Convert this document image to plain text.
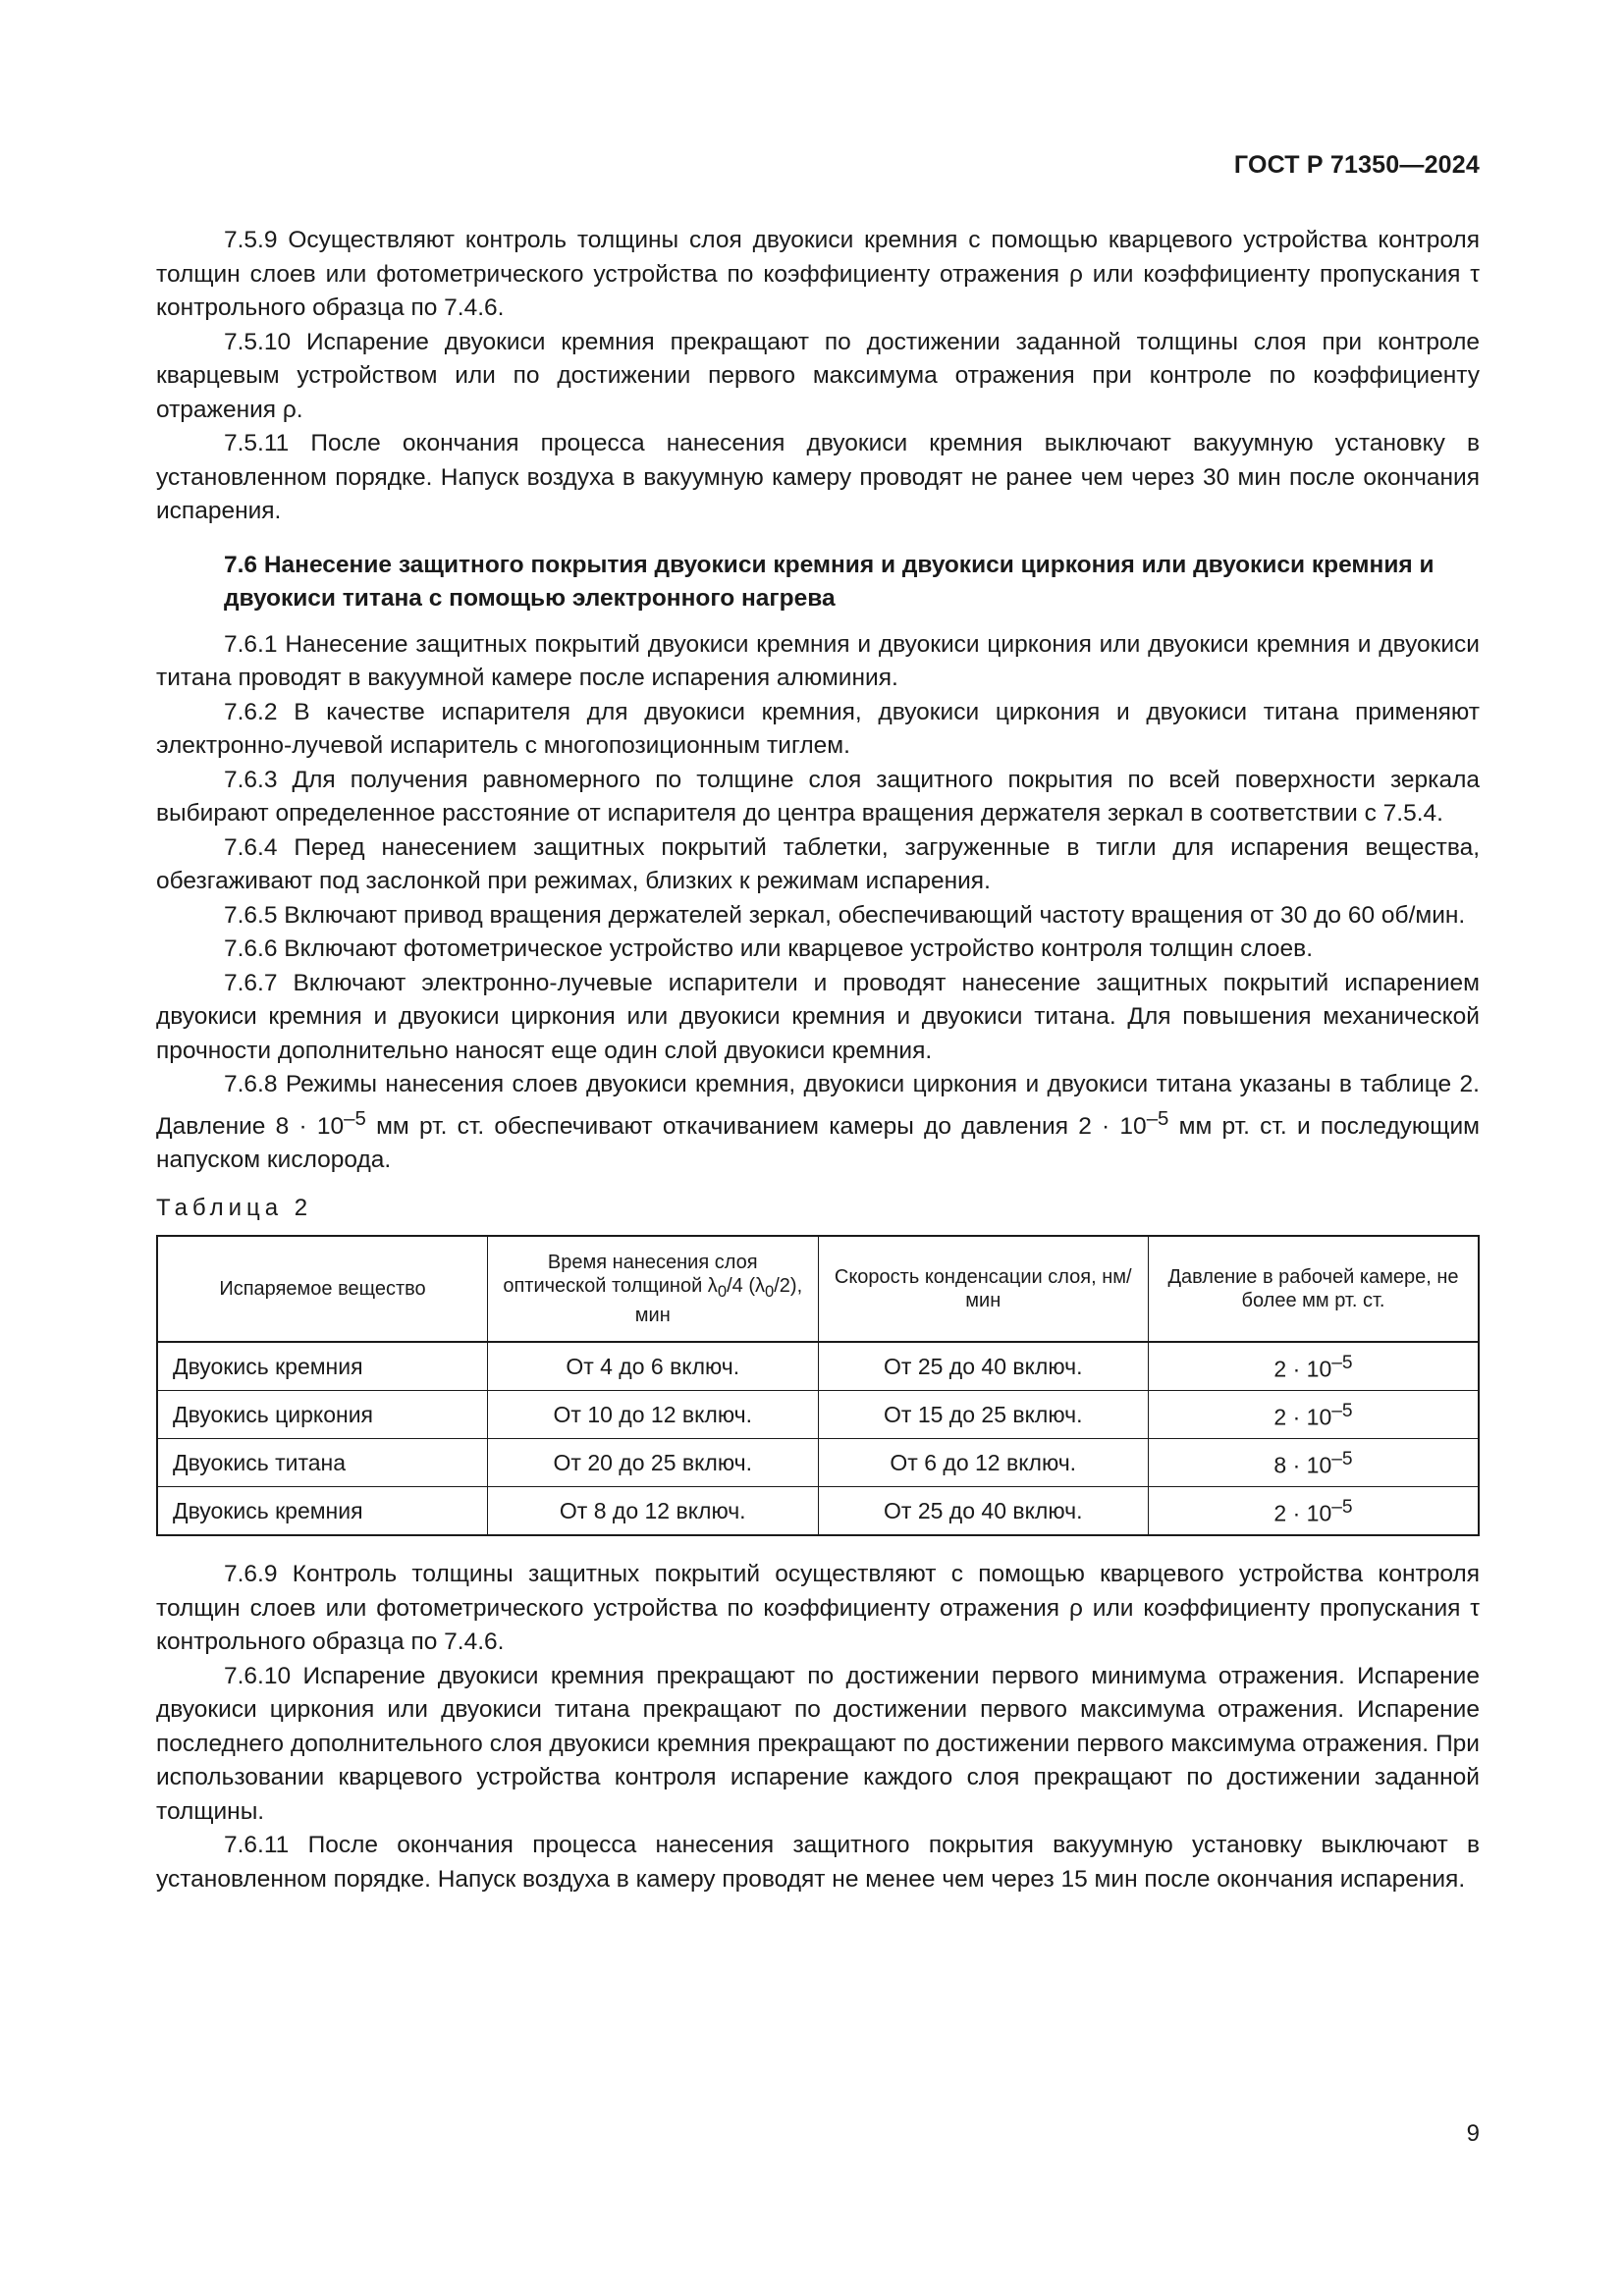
ГОСТ Р 71350—2024

7.5.9 Осуществляют контроль толщины слоя двуокиси кремния с помощью кварцевого устройства контроля толщин слоев или фотометрического устройства по коэффициенту отражения ρ или коэффициенту пропускания τ контрольного образца по 7.4.6.

7.5.10 Испарение двуокиси кремния прекращают по достижении заданной толщины слоя при контроле кварцевым устройством или по достижении первого максимума отражения при контроле по коэффициенту отражения ρ.

7.5.11 После окончания процесса нанесения двуокиси кремния выключают вакуумную установку в установленном порядке. Напуск воздуха в вакуумную камеру проводят не ранее чем через 30 мин после окончания испарения.

7.6 Нанесение защитного покрытия двуокиси кремния и двуокиси циркония или двуокиси кремния и двуокиси титана с помощью электронного нагрева

7.6.1 Нанесение защитных покрытий двуокиси кремния и двуокиси циркония или двуокиси кремния и двуокиси титана проводят в вакуумной камере после испарения алюминия.

7.6.2 В качестве испарителя для двуокиси кремния, двуокиси циркония и двуокиси титана применяют электронно-лучевой испаритель с многопозиционным тиглем.

7.6.3 Для получения равномерного по толщине слоя защитного покрытия по всей поверхности зеркала выбирают определенное расстояние от испарителя до центра вращения держателя зеркал в соответствии с 7.5.4.

7.6.4 Перед нанесением защитных покрытий таблетки, загруженные в тигли для испарения вещества, обезгаживают под заслонкой при режимах, близких к режимам испарения.

7.6.5 Включают привод вращения держателей зеркал, обеспечивающий частоту вращения от 30 до 60 об/мин.

7.6.6 Включают фотометрическое устройство или кварцевое устройство контроля толщин слоев.

7.6.7 Включают электронно-лучевые испарители и проводят нанесение защитных покрытий испарением двуокиси кремния и двуокиси циркония или двуокиси кремния и двуокиси титана. Для повышения механической прочности дополнительно наносят еще один слой двуокиси кремния.

7.6.8 Режимы нанесения слоев двуокиси кремния, двуокиси циркония и двуокиси титана указаны в таблице 2. Давление $8 \cdot 10^{-5}$ мм рт. ст. обеспечивают откачиванием камеры до давления $2 \cdot 10^{-5}$ мм рт. ст. и последующим напуском кислорода.

Таблица 2
Испаряемое вещество	Время нанесения слоя оптической толщиной $\lambda_0/4$ $(\lambda_0/2)$, мин	Скорость конденсации слоя, нм/мин	Давление в рабочей камере, не более мм рт. ст.
Двуокись кремния	От 4 до 6 включ.	От 25 до 40 включ.	$2 \cdot 10^{-5}$
Двуокись циркония	От 10 до 12 включ.	От 15 до 25 включ.	$2 \cdot 10^{-5}$
Двуокись титана	От 20 до 25 включ.	От 6 до 12 включ.	$8 \cdot 10^{-5}$
Двуокись кремния	От 8 до 12 включ.	От 25 до 40 включ.	$2 \cdot 10^{-5}$

7.6.9 Контроль толщины защитных покрытий осуществляют с помощью кварцевого устройства контроля толщин слоев или фотометрического устройства по коэффициенту отражения ρ или коэффициенту пропускания τ контрольного образца по 7.4.6.

7.6.10 Испарение двуокиси кремния прекращают по достижении первого минимума отражения. Испарение двуокиси циркония или двуокиси титана прекращают по достижении первого максимума отражения. Испарение последнего дополнительного слоя двуокиси кремния прекращают по достижении первого максимума отражения. При использовании кварцевого устройства контроля испарение каждого слоя прекращают по достижении заданной толщины.

7.6.11 После окончания процесса нанесения защитного покрытия вакуумную установку выключают в установленном порядке. Напуск воздуха в камеру проводят не менее чем через 15 мин после окончания испарения.

9
